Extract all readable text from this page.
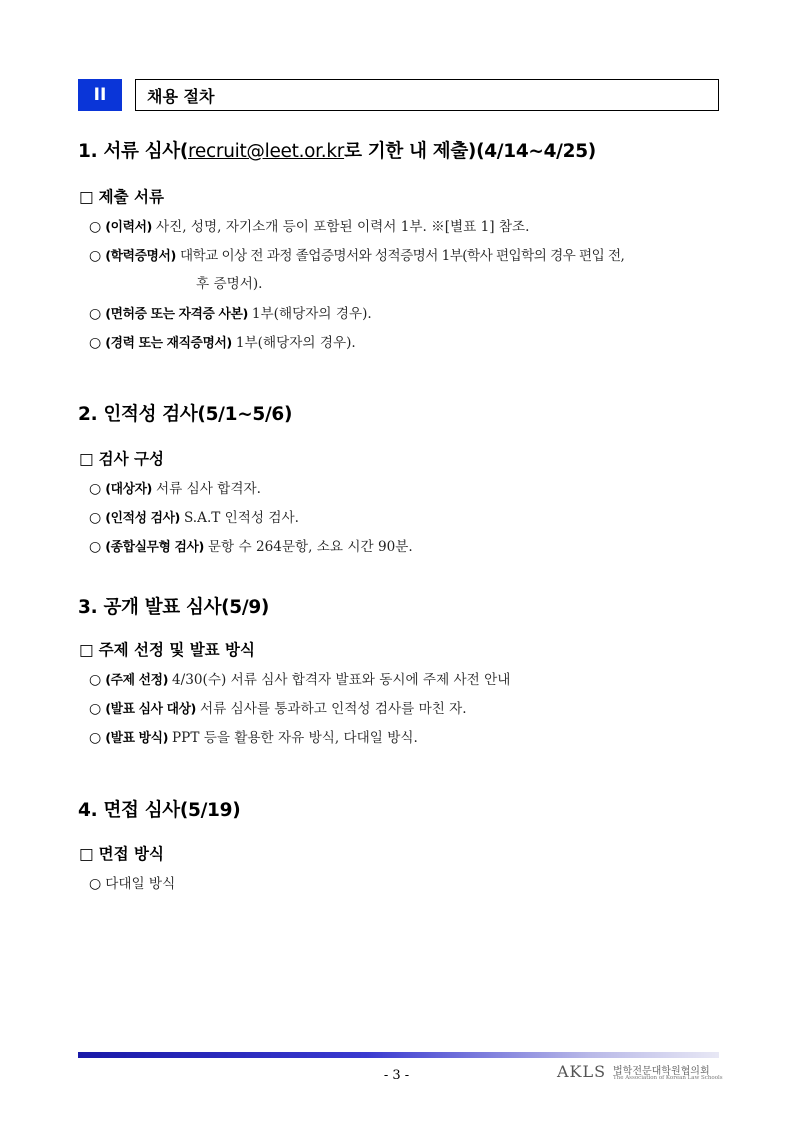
II	채용 절차
1. 서류 심사(recruit@leet.or.kr로 기한 내 제출)(4/14~4/25)
□ 제출 서류
○ (이력서) 사진, 성명, 자기소개 등이 포함된 이력서 1부. ※[별표 1] 참조.
○ (학력증명서) 대학교 이상 전 과정 졸업증명서와 성적증명서 1부(학사 편입학의 경우 편입 전,
후 증명서).
○ (면허증 또는 자격증 사본) 1부(해당자의 경우).
○ (경력 또는 재직증명서) 1부(해당자의 경우).
2. 인적성 검사(5/1~5/6)
□ 검사 구성
○ (대상자) 서류 심사 합격자.
○ (인적성 검사) S.A.T 인적성 검사.
○ (종합실무형 검사) 문항 수 264문항, 소요 시간 90분.
3. 공개 발표 심사(5/9)
□ 주제 선정 및 발표 방식
○ (주제 선정) 4/30(수) 서류 심사 합격자 발표와 동시에 주제 사전 안내
○ (발표 심사 대상) 서류 심사를 통과하고 인적성 검사를 마친 자.
○ (발표 방식) PPT 등을 활용한 자유 방식, 다대일 방식.
4. 면접 심사(5/19)
□ 면접 방식
○ 다대일 방식
- 3 -	AKLS 법학전문대학원협의회
The Association of Korean Law Schools
